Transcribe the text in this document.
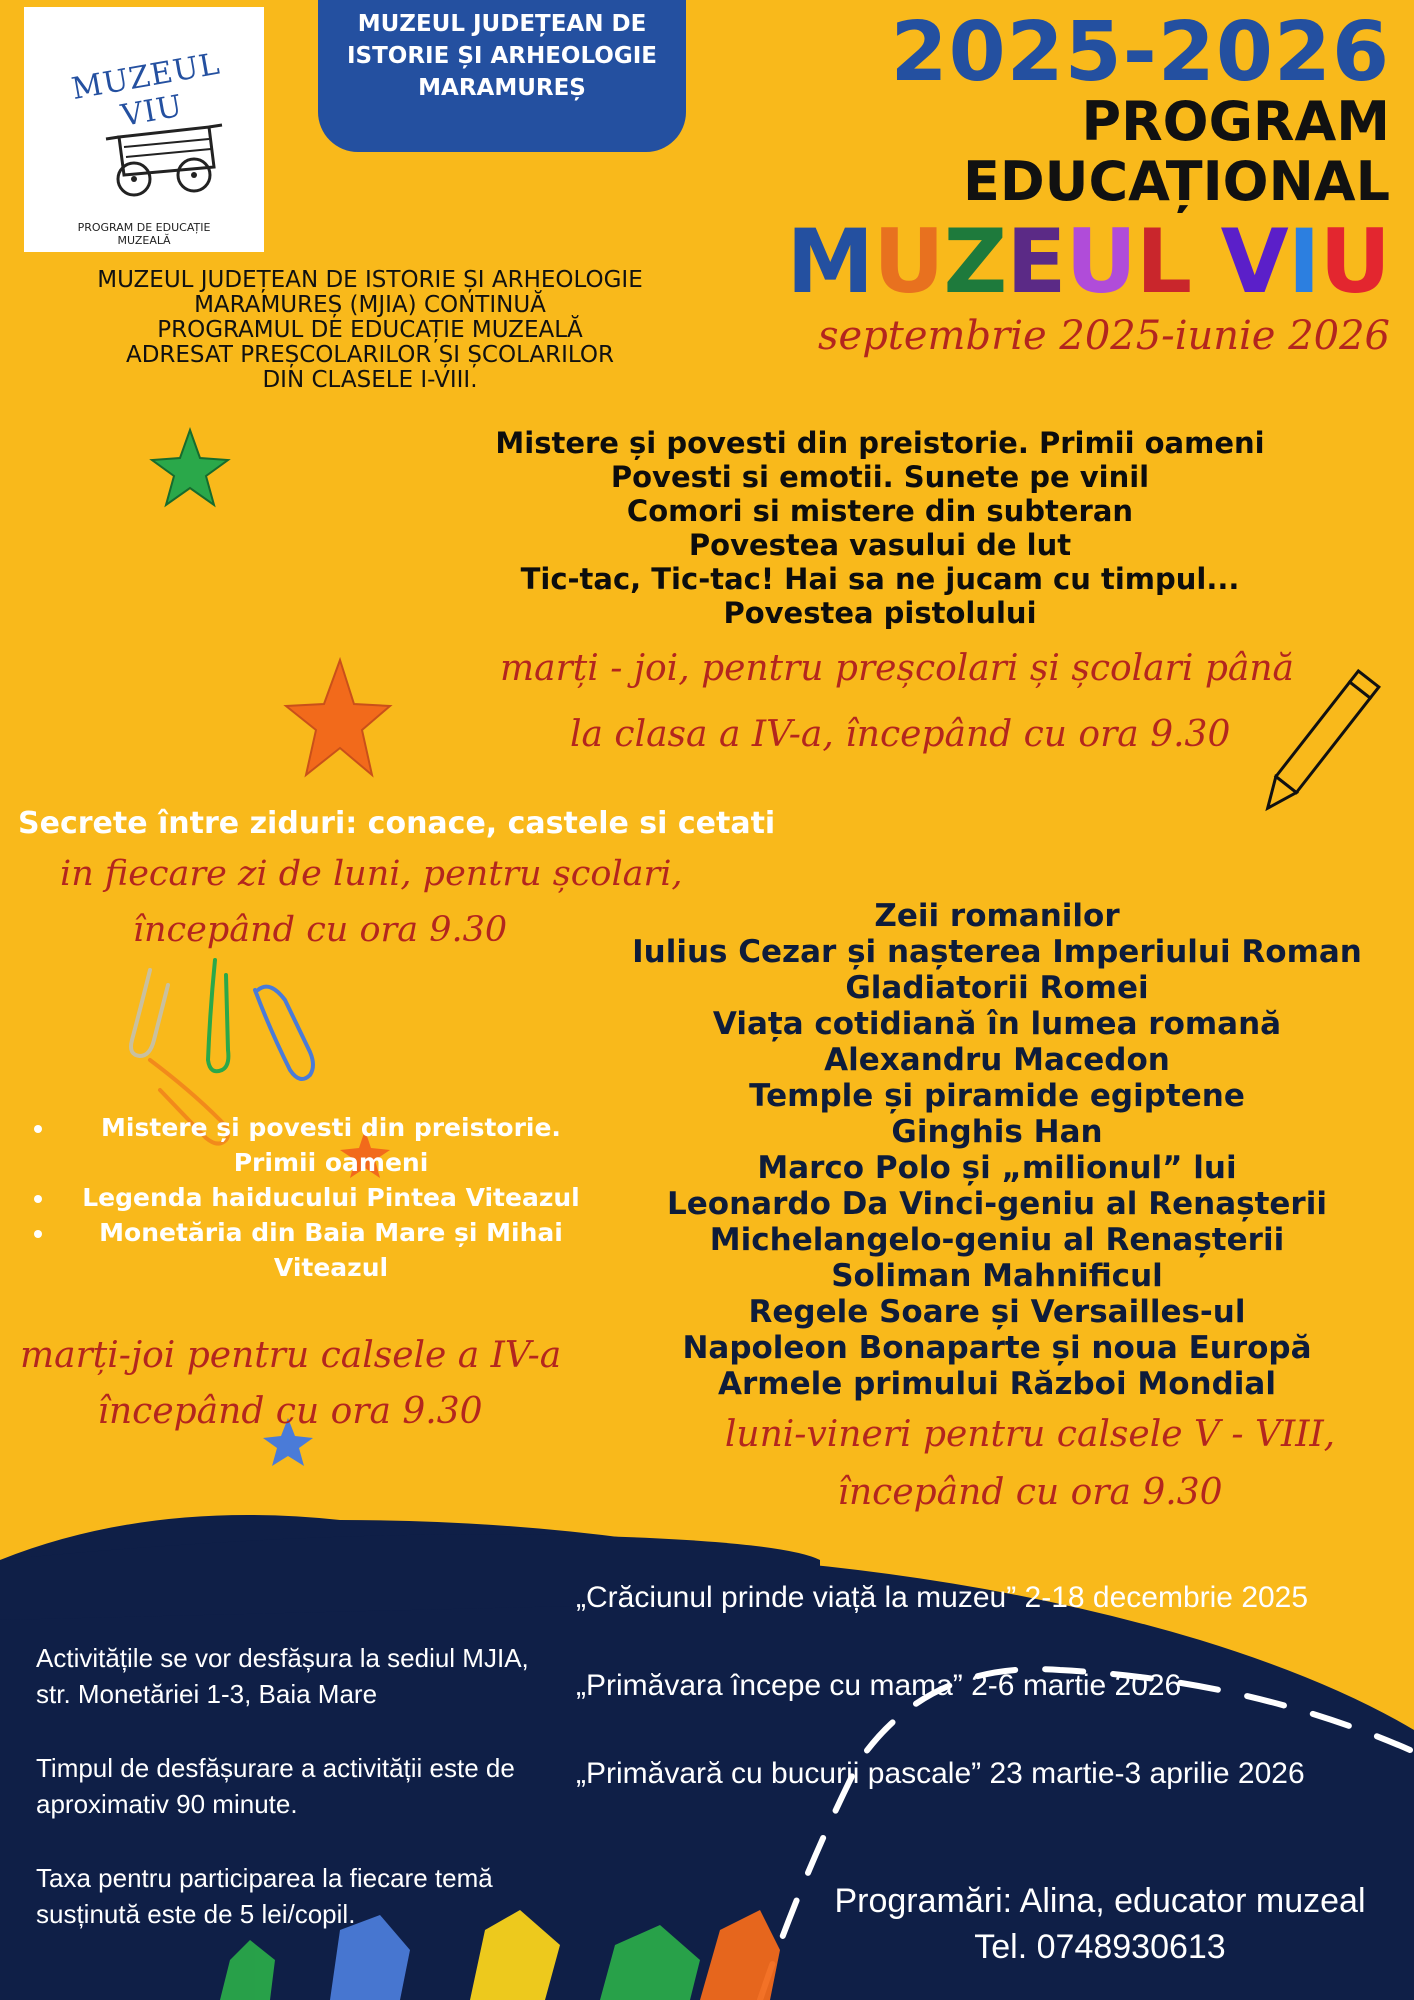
MUZEUL VIU
PROGRAM DE EDUCAȚIE
MUZEALĂ
MUZEUL JUDEȚEAN DE
ISTORIE ȘI ARHEOLOGIE
MARAMUREȘ	2025-2026
PROGRAM
EDUCAȚIONAL
MUZEUL VIU
septembrie 2025-iunie 2026
MUZEUL JUDEȚEAN DE ISTORIE ȘI ARHEOLOGIE
MARAMUREȘ (MJIA) CONTINUĂ
PROGRAMUL DE EDUCAȚIE MUZEALĂ
ADRESAT PREȘCOLARILOR ȘI ȘCOLARILOR
DIN CLASELE I-VIII.
Mistere și povesti din preistorie. Primii oameni
Povesti si emotii. Sunete pe vinil
Comori si mistere din subteran
Povestea vasului de lut
Tic-tac, Tic-tac! Hai sa ne jucam cu timpul...
Povestea pistolului
marți - joi, pentru preșcolari și școlari până
la clasa a IV-a, începând cu ora 9.30
Secrete între ziduri: conace, castele si cetati
in fiecare zi de luni, pentru școlari,
începând cu ora 9.30	Zeii romanilor
Iulius Cezar și nașterea Imperiului Roman
Gladiatorii Romei
Viața cotidiană în lumea romană
Alexandru Macedon
Temple și piramide egiptene
Ginghis Han
Marco Polo și „milionul” lui
Leonardo Da Vinci-geniu al Renașterii
Michelangelo-geniu al Renașterii
Soliman Mahnificul
Regele Soare și Versailles-ul
Napoleon Bonaparte și noua Europă
Armele primului Război Mondial
• Mistere și povesti din preistorie. Primii oameni
• Legenda haiducului Pintea Viteazul
• Monetăria din Baia Mare și Mihai Viteazul
marți-joi pentru calsele a IV-a
începând cu ora 9.30
luni-vineri pentru calsele V - VIII,
începând cu ora 9.30

Activitățile se vor desfășura la sediul MJIA, str. Monetăriei 1-3, Baia Mare

Timpul de desfășurare a activității este de aproximativ 90 minute.

Taxa pentru participarea la fiecare temă susținută este de 5 lei/copil.

„Crăciunul prinde viață la muzeu” 2-18 decembrie 2025
„Primăvara începe cu mama” 2-6 martie 2026
„Primăvară cu bucurii pascale” 23 martie-3 aprilie 2026
Programări: Alina, educator muzeal
Tel. 0748930613
